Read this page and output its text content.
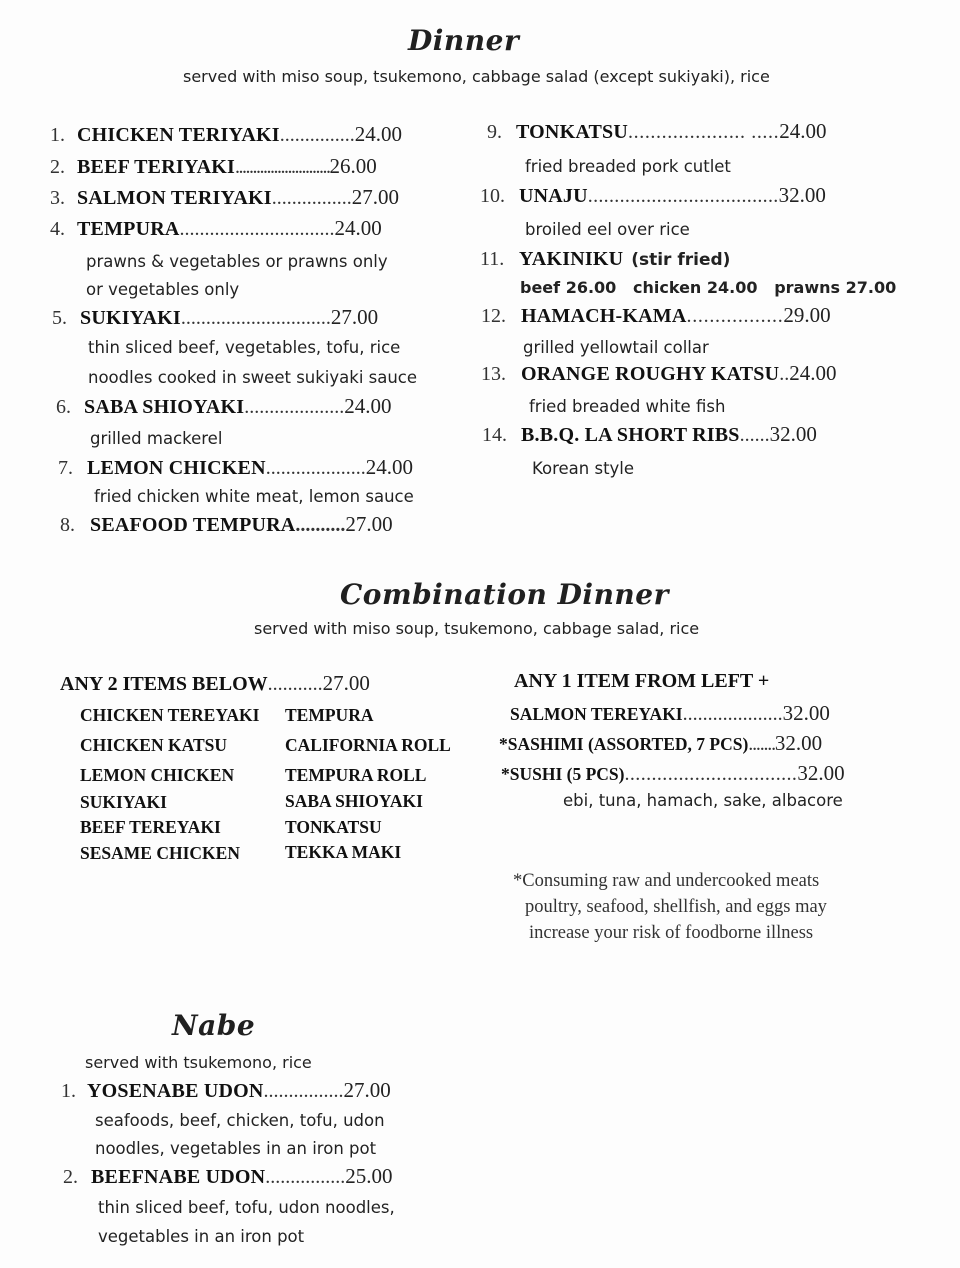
Dinner
served with miso soup, tsukemono, cabbage salad (except sukiyaki), rice
1. CHICKEN TERIYAKI ............... 24.00
2. BEEF TERIYAKI ........................... 26.00
3. SALMON TERIYAKI ................ 27.00
4. TEMPURA ............................... 24.00
prawns & vegetables or prawns only
or vegetables only
5. SUKIYAKI .............................. 27.00
thin sliced beef, vegetables, tofu, rice
noodles cooked in sweet sukiyaki sauce
6. SABA SHIOYAKI .................... 24.00
grilled mackerel
7. LEMON CHICKEN .................... 24.00
fried chicken white meat, lemon sauce
8. SEAFOOD TEMPURA .......... 27.00
9. TONKATSU ..................... ..... 24.00
fried breaded pork cutlet
10. UNAJU .................................... 32.00
broiled eel over rice
11. YAKINIKU (stir fried)
beef 26.00   chicken 24.00   prawns 27.00
12. HAMACH-KAMA ................. 29.00
grilled yellowtail collar
13. ORANGE ROUGHY KATSU .. 24.00
fried breaded white fish
14. B.B.Q. LA SHORT RIBS ...... 32.00
Korean style
Combination Dinner
served with miso soup, tsukemono, cabbage salad, rice
ANY 2 ITEMS BELOW ........... 27.00
CHICKEN TEREYAKI
CHICKEN KATSU
LEMON CHICKEN
SUKIYAKI
BEEF TEREYAKI
SESAME CHICKEN
TEMPURA
CALIFORNIA ROLL
TEMPURA ROLL
SABA SHIOYAKI
TONKATSU
TEKKA MAKI
ANY 1 ITEM FROM LEFT +
SALMON TEREYAKI .................... 32.00
*SASHIMI (ASSORTED, 7 PCS) ....... 32.00
*SUSHI (5 PCS) ................................ 32.00
ebi, tuna, hamach, sake, albacore
*Consuming raw and undercooked meats
poultry, seafood, shellfish, and eggs may
increase your risk of foodborne illness
Nabe
served with tsukemono, rice
1. YOSENABE UDON ................ 27.00
seafoods, beef, chicken, tofu, udon
noodles, vegetables in an iron pot
2. BEEFNABE UDON ................ 25.00
thin sliced beef, tofu, udon noodles,
vegetables in an iron pot
